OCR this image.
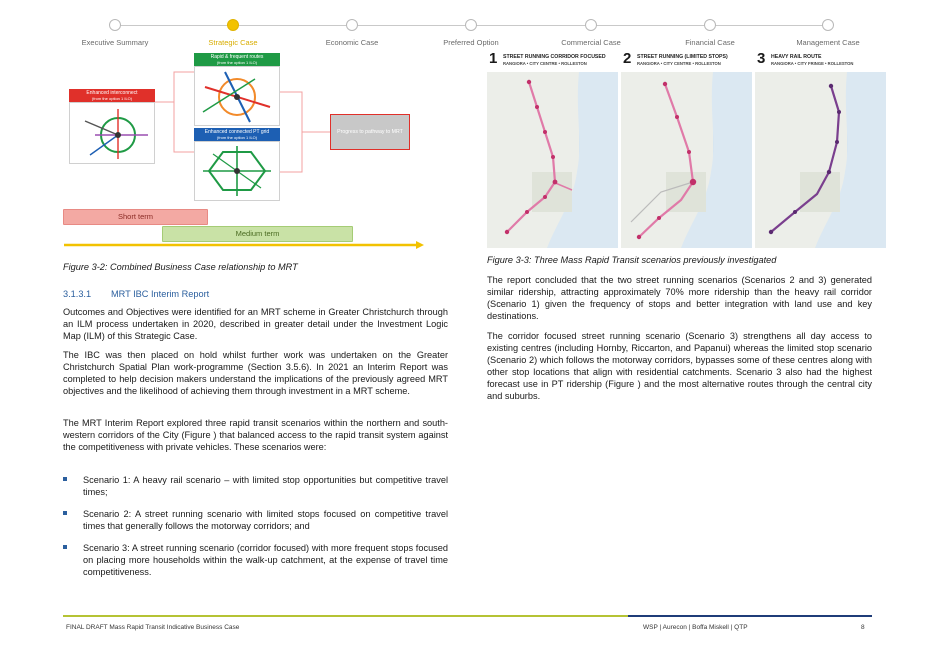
Executive Summary	Strategic Case	Economic Case	Preferred Option	Commercial Case	Financial Case	Management Case
Rapid & frequent routes
(from the option 1 ILO)
Enhanced interconnect
(from the option 1 ILO)
Enhanced connected PT grid
(from the option 1 ILO)
Progress to pathway to MRT
Short term
Medium term
Figure 3-2: Combined Business Case relationship to MRT
3.1.3.1 MRT IBC Interim Report

Outcomes and Objectives were identified for an MRT scheme in Greater Christchurch through an ILM process undertaken in 2020, described in greater detail under the Investment Logic Map (ILM) of this Strategic Case.

The IBC was then placed on hold whilst further work was undertaken on the Greater Christchurch Spatial Plan work-programme (Section 3.5.6). In 2021 an Interim Report was completed to help decision makers understand the implications of the previously agreed MRT objectives and the likelihood of achieving them through investment in a MRT scheme.

The MRT Interim Report explored three rapid transit scenarios within the northern and south-western corridors of the City (Figure ) that balanced access to the rapid transit system against the competitiveness with private vehicles. These scenarios were:

Scenario 1: A heavy rail scenario – with limited stop opportunities but competitive travel times;
Scenario 2: A street running scenario with limited stops focused on competitive travel times that generally follows the motorway corridors; and
Scenario 3: A street running scenario (corridor focused) with more frequent stops focused on placing more households within the walk-up catchment, at the expense of travel time competitiveness.
1 STREET RUNNING CORRIDOR FOCUSED
RANGIORA • CITY CENTRE • ROLLESTON 2 STREET RUNNING (LIMITED STOPS)
RANGIORA • CITY CENTRE • ROLLESTON 3 HEAVY RAIL ROUTE
RANGIORA • CITY FRINGE • ROLLESTON
Figure 3-3: Three Mass Rapid Transit scenarios previously investigated

The report concluded that the two street running scenarios (Scenarios 2 and 3) generated similar ridership, attracting approximately 70% more ridership than the heavy rail corridor (Scenario 1) given the frequency of stops and better integration with land use and key destinations.

The corridor focused street running scenario (Scenario 3) strengthens all day access to existing centres (including Hornby, Riccarton, and Papanui) whereas the limited stop scenario (Scenario 2) which follows the motorway corridors, bypasses some of these centres along with other stop locations that align with residential catchments. Scenario 3 also had the highest forecast use in PT ridership (Figure ) and the most alternative routes through the central city and suburbs.

FINAL DRAFT Mass Rapid Transit Indicative Business Case	WSP | Aurecon | Boffa Miskell | QTP	8
